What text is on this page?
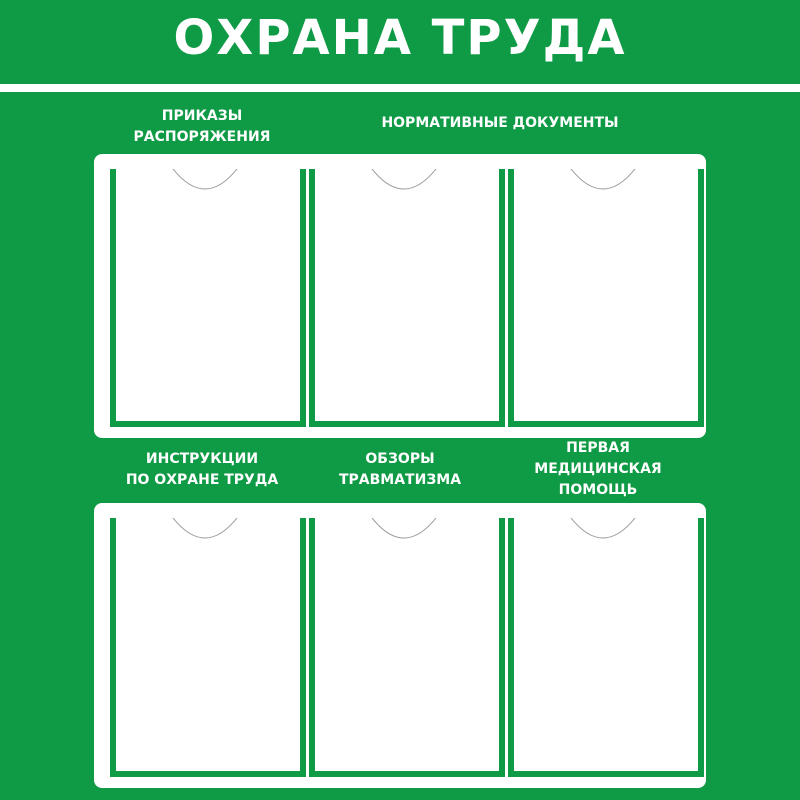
ОХРАНА ТРУДА
ПРИКАЗЫ
РАСПОРЯЖЕНИЯ
НОРМАТИВНЫЕ ДОКУМЕНТЫ
ИНСТРУКЦИИ
ПО ОХРАНЕ ТРУДА
ОБЗОРЫ
ТРАВМАТИЗМА
ПЕРВАЯ
МЕДИЦИНСКАЯ
ПОМОЩЬ
